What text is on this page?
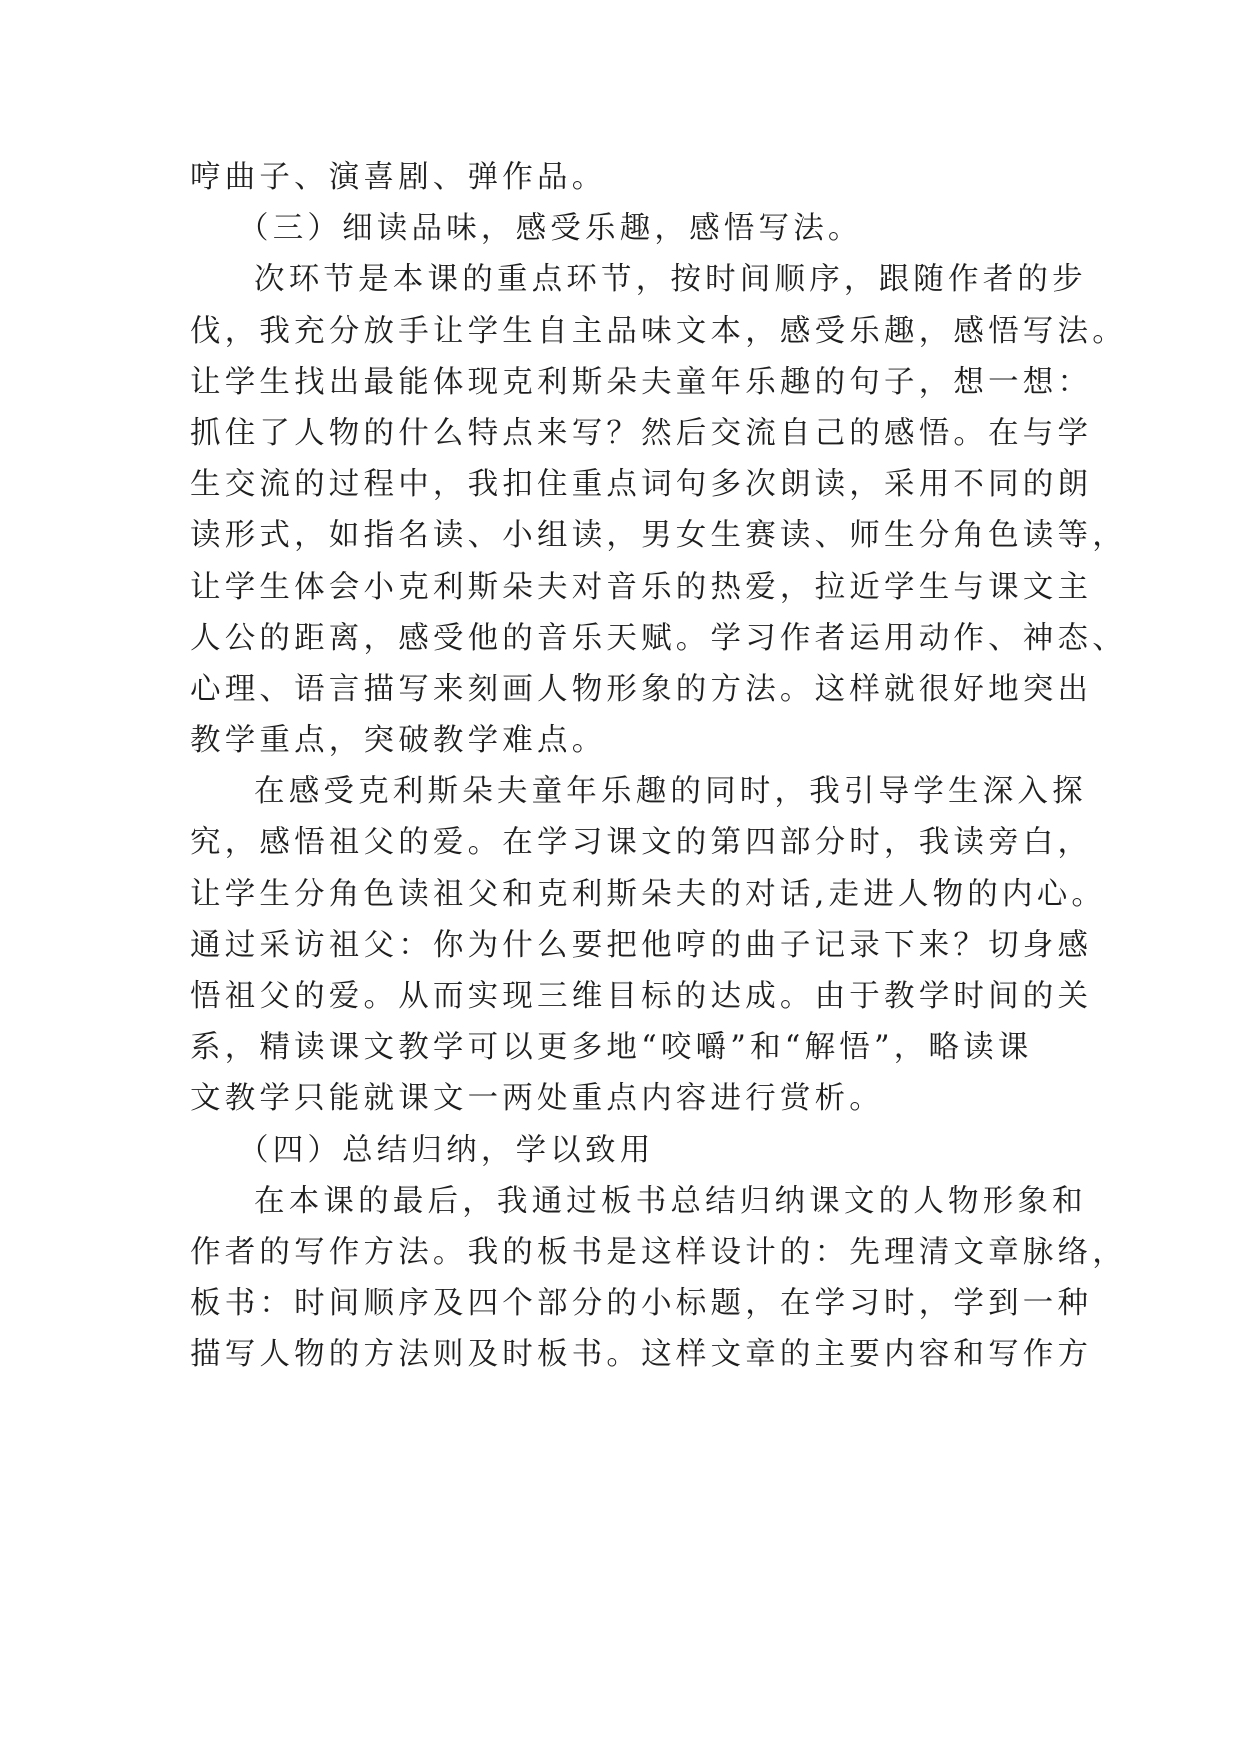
哼曲子、演喜剧、弹作品。
（三）细读品味，感受乐趣，感悟写法。
次环节是本课的重点环节，按时间顺序，跟随作者的步
伐，我充分放手让学生自主品味文本，感受乐趣，感悟写法。
让学生找出最能体现克利斯朵夫童年乐趣的句子，想一想：
抓住了人物的什么特点来写？然后交流自己的感悟。在与学
生交流的过程中，我扣住重点词句多次朗读，采用不同的朗
读形式，如指名读、小组读，男女生赛读、师生分角色读等，
让学生体会小克利斯朵夫对音乐的热爱，拉近学生与课文主
人公的距离，感受他的音乐天赋。学习作者运用动作、神态、
心理、语言描写来刻画人物形象的方法。这样就很好地突出
教学重点，突破教学难点。
在感受克利斯朵夫童年乐趣的同时，我引导学生深入探
究，感悟祖父的爱。在学习课文的第四部分时，我读旁白，
让学生分角色读祖父和克利斯朵夫的对话,走进人物的内心。
通过采访祖父：你为什么要把他哼的曲子记录下来？切身感
悟祖父的爱。从而实现三维目标的达成。由于教学时间的关
系，精读课文教学可以更多地“咬嚼”和“解悟”，略读课
文教学只能就课文一两处重点内容进行赏析。
（四）总结归纳，学以致用
在本课的最后，我通过板书总结归纳课文的人物形象和
作者的写作方法。我的板书是这样设计的：先理清文章脉络，
板书：时间顺序及四个部分的小标题，在学习时，学到一种
描写人物的方法则及时板书。这样文章的主要内容和写作方
